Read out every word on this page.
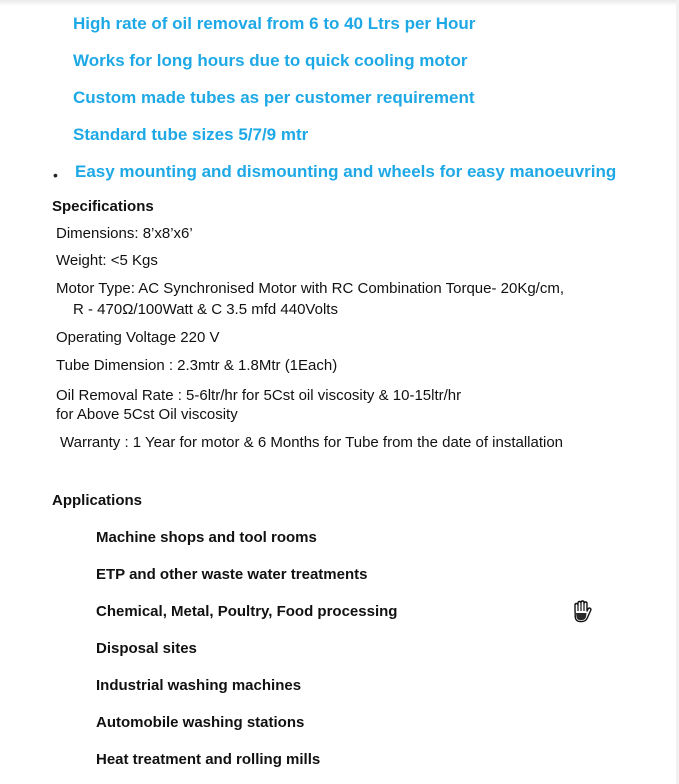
High rate of oil removal from 6 to 40 Ltrs per Hour
Works for long hours due to quick cooling motor
Custom made tubes as per customer requirement
Standard tube sizes 5/7/9 mtr
• Easy mounting and dismounting and wheels for easy manoeuvring
Specifications
Dimensions: 8’x8’x6’
Weight: <5 Kgs
Motor Type: AC Synchronised Motor with RC Combination Torque- 20Kg/cm,
R - 470Ω/100Watt & C 3.5 mfd 440Volts
Operating Voltage 220 V
Tube Dimension : 2.3mtr & 1.8Mtr (1Each)
Oil Removal Rate : 5-6ltr/hr for 5Cst oil viscosity & 10-15ltr/hr
for Above 5Cst Oil viscosity
Warranty : 1 Year for motor & 6 Months for Tube from the date of installation
Applications
Machine shops and tool rooms
ETP and other waste water treatments
Chemical, Metal, Poultry, Food processing
Disposal sites
Industrial washing machines
Automobile washing stations
Heat treatment and rolling mills
